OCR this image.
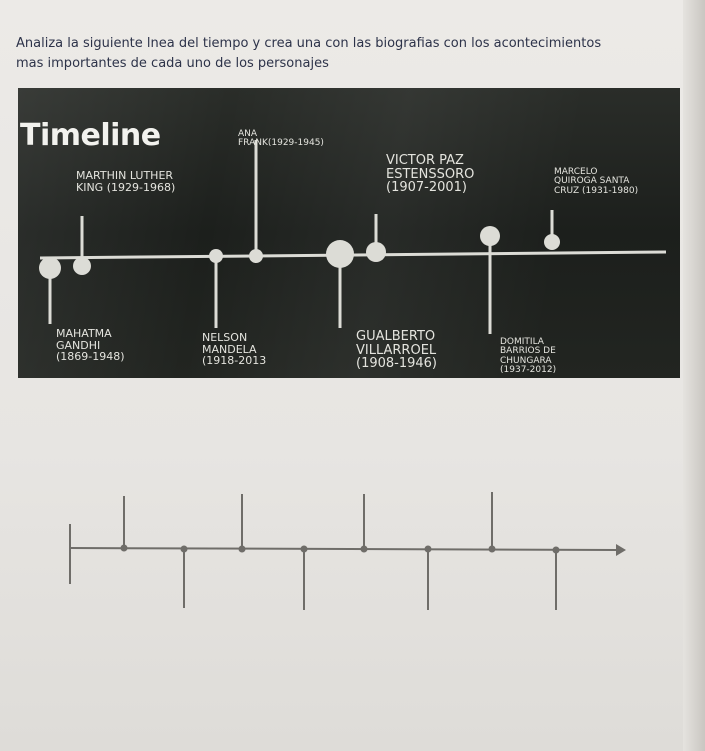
Analiza la siguiente lnea del tiempo y crea una con las biografias con los acontecimientos
mas importantes de cada uno de los personajes

Timeline	ANA
FRANK(1929-1945)

MARTHIN LUTHER
KING (1929-1968)

VICTOR PAZ
ESTENSSORO
(1907-2001)

MARCELO
QUIROGA SANTA
CRUZ (1931-1980)

MAHATMA
GANDHI
(1869-1948)

NELSON
MANDELA
(1918-2013

GUALBERTO
VILLARROEL
(1908-1946)

DOMITILA
BARRIOS DE
CHUNGARA
(1937-2012)
